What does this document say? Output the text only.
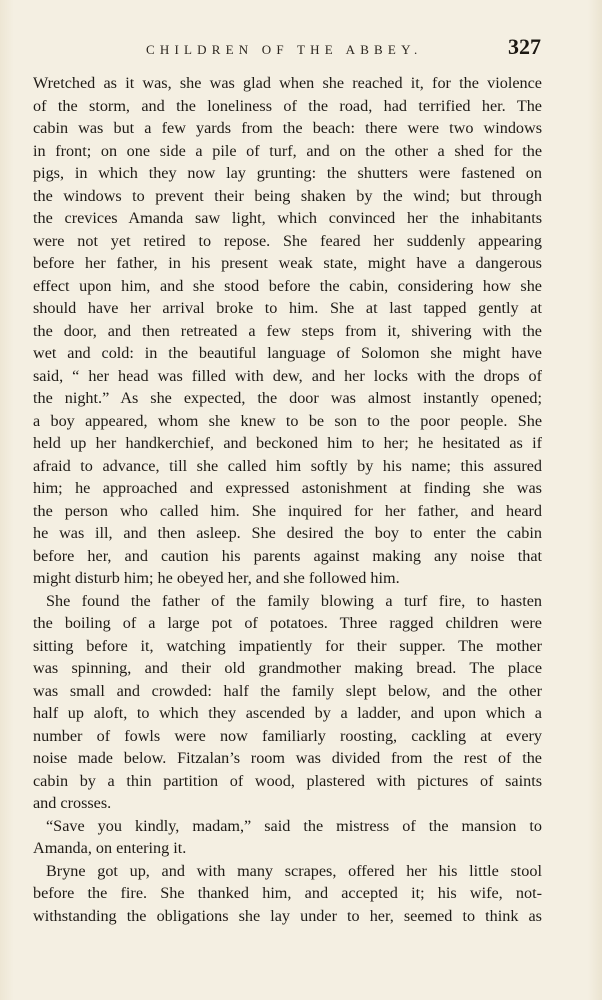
CHILDREN OF THE ABBEY.	327
Wretched as it was, she was glad when she reached it, for the violence
of the storm, and the loneliness of the road, had terrified her. The
cabin was but a few yards from the beach: there were two windows
in front; on one side a pile of turf, and on the other a shed for the
pigs, in which they now lay grunting: the shutters were fastened on
the windows to prevent their being shaken by the wind; but through
the crevices Amanda saw light, which convinced her the inhabitants
were not yet retired to repose. She feared her suddenly appearing
before her father, in his present weak state, might have a dangerous
effect upon him, and she stood before the cabin, considering how she
should have her arrival broke to him. She at last tapped gently at
the door, and then retreated a few steps from it, shivering with the
wet and cold: in the beautiful language of Solomon she might have
said, “ her head was filled with dew, and her locks with the drops of
the night.” As she expected, the door was almost instantly opened;
a boy appeared, whom she knew to be son to the poor people. She
held up her handkerchief, and beckoned him to her; he hesitated as if
afraid to advance, till she called him softly by his name; this assured
him; he approached and expressed astonishment at finding she was
the person who called him. She inquired for her father, and heard
he was ill, and then asleep. She desired the boy to enter the cabin
before her, and caution his parents against making any noise that
might disturb him; he obeyed her, and she followed him.
She found the father of the family blowing a turf fire, to hasten
the boiling of a large pot of potatoes. Three ragged children were
sitting before it, watching impatiently for their supper. The mother
was spinning, and their old grandmother making bread. The place
was small and crowded: half the family slept below, and the other
half up aloft, to which they ascended by a ladder, and upon which a
number of fowls were now familiarly roosting, cackling at every
noise made below. Fitzalan’s room was divided from the rest of the
cabin by a thin partition of wood, plastered with pictures of saints
and crosses.
“Save you kindly, madam,” said the mistress of the mansion to
Amanda, on entering it.
Bryne got up, and with many scrapes, offered her his little stool
before the fire. She thanked him, and accepted it; his wife, not-
withstanding the obligations she lay under to her, seemed to think as
